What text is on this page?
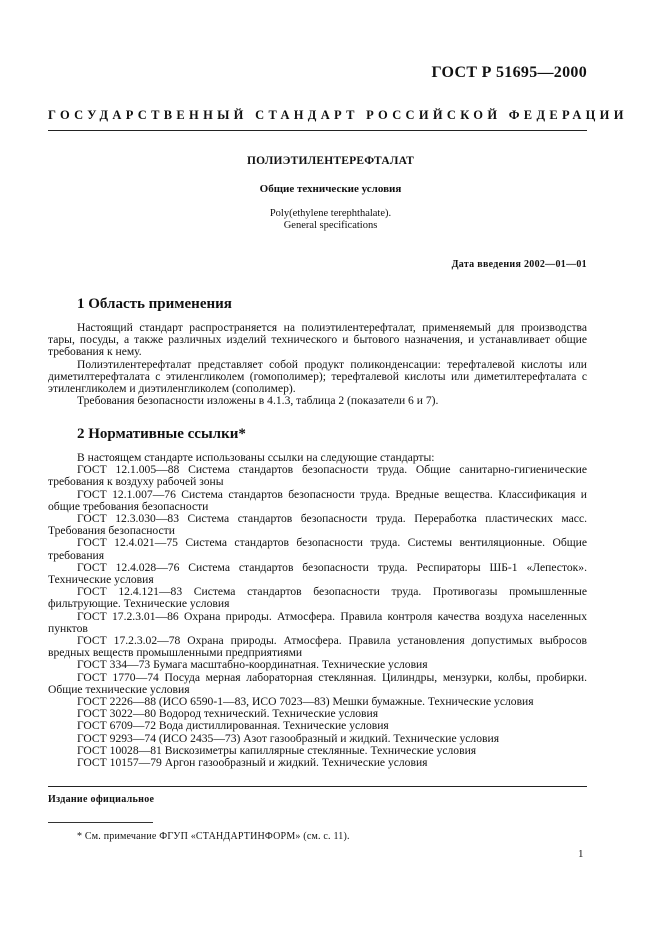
ГОСТ Р 51695—2000
ГОСУДАРСТВЕННЫЙ СТАНДАРТ РОССИЙСКОЙ ФЕДЕРАЦИИ
ПОЛИЭТИЛЕНТЕРЕФТАЛАТ
Общие технические условия
Poly(ethylene terephthalate).
General specifications
Дата введения 2002—01—01
1 Область применения

Настоящий стандарт распространяется на полиэтилентерефталат, применяемый для производства тары, посуды, а также различных изделий технического и бытового назначения, и устанавливает общие требования к нему.

Полиэтилентерефталат представляет собой продукт поликонденсации: терефталевой кислоты или диметилтерефталата с этиленгликолем (гомополимер); терефталевой кислоты или диметилтерефталата с этиленгликолем и диэтиленгликолем (сополимер).

Требования безопасности изложены в 4.1.3, таблица 2 (показатели 6 и 7).

2 Нормативные ссылки*

В настоящем стандарте использованы ссылки на следующие стандарты:

ГОСТ 12.1.005—88 Система стандартов безопасности труда. Общие санитарно-гигиенические требования к воздуху рабочей зоны

ГОСТ 12.1.007—76 Система стандартов безопасности труда. Вредные вещества. Классификация и общие требования безопасности

ГОСТ 12.3.030—83 Система стандартов безопасности труда. Переработка пластических масс. Требования безопасности

ГОСТ 12.4.021—75 Система стандартов безопасности труда. Системы вентиляционные. Общие требования

ГОСТ 12.4.028—76 Система стандартов безопасности труда. Респираторы ШБ-1 «Лепесток». Технические условия

ГОСТ 12.4.121—83 Система стандартов безопасности труда. Противогазы промышленные фильтрующие. Технические условия

ГОСТ 17.2.3.01—86 Охрана природы. Атмосфера. Правила контроля качества воздуха населенных пунктов

ГОСТ 17.2.3.02—78 Охрана природы. Атмосфера. Правила установления допустимых выбросов вредных веществ промышленными предприятиями

ГОСТ 334—73 Бумага масштабно-координатная. Технические условия

ГОСТ 1770—74 Посуда мерная лабораторная стеклянная. Цилиндры, мензурки, колбы, пробирки. Общие технические условия

ГОСТ 2226—88 (ИСО 6590-1—83, ИСО 7023—83) Мешки бумажные. Технические условия

ГОСТ 3022—80 Водород технический. Технические условия

ГОСТ 6709—72 Вода дистиллированная. Технические условия

ГОСТ 9293—74 (ИСО 2435—73) Азот газообразный и жидкий. Технические условия

ГОСТ 10028—81 Вискозиметры капиллярные стеклянные. Технические условия

ГОСТ 10157—79 Аргон газообразный и жидкий. Технические условия

Издание официальное
* См. примечание ФГУП «СТАНДАРТИНФОРМ» (см. с. 11).
1
